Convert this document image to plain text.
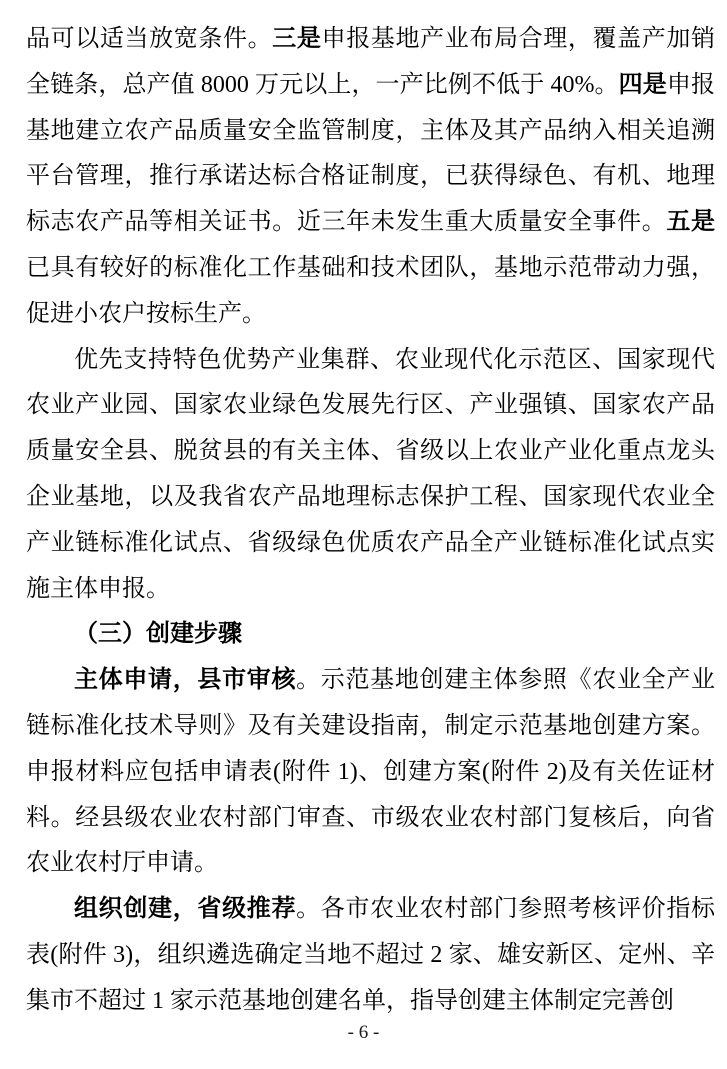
品可以适当放宽条件。三是申报基地产业布局合理，覆盖产加销全链条，总产值 8000 万元以上，一产比例不低于 40%。四是申报基地建立农产品质量安全监管制度，主体及其产品纳入相关追溯平台管理，推行承诺达标合格证制度，已获得绿色、有机、地理标志农产品等相关证书。近三年未发生重大质量安全事件。五是已具有较好的标准化工作基础和技术团队，基地示范带动力强，促进小农户按标生产。

优先支持特色优势产业集群、农业现代化示范区、国家现代农业产业园、国家农业绿色发展先行区、产业强镇、国家农产品质量安全县、脱贫县的有关主体、省级以上农业产业化重点龙头企业基地，以及我省农产品地理标志保护工程、国家现代农业全产业链标准化试点、省级绿色优质农产品全产业链标准化试点实施主体申报。

（三）创建步骤

主体申请，县市审核。示范基地创建主体参照《农业全产业链标准化技术导则》及有关建设指南，制定示范基地创建方案。申报材料应包括申请表(附件 1)、创建方案(附件 2)及有关佐证材料。经县级农业农村部门审查、市级农业农村部门复核后，向省农业农村厅申请。

组织创建，省级推荐。各市农业农村部门参照考核评价指标表(附件 3)，组织遴选确定当地不超过 2 家、雄安新区、定州、辛集市不超过 1 家示范基地创建名单，指导创建主体制定完善创

- 6 -
